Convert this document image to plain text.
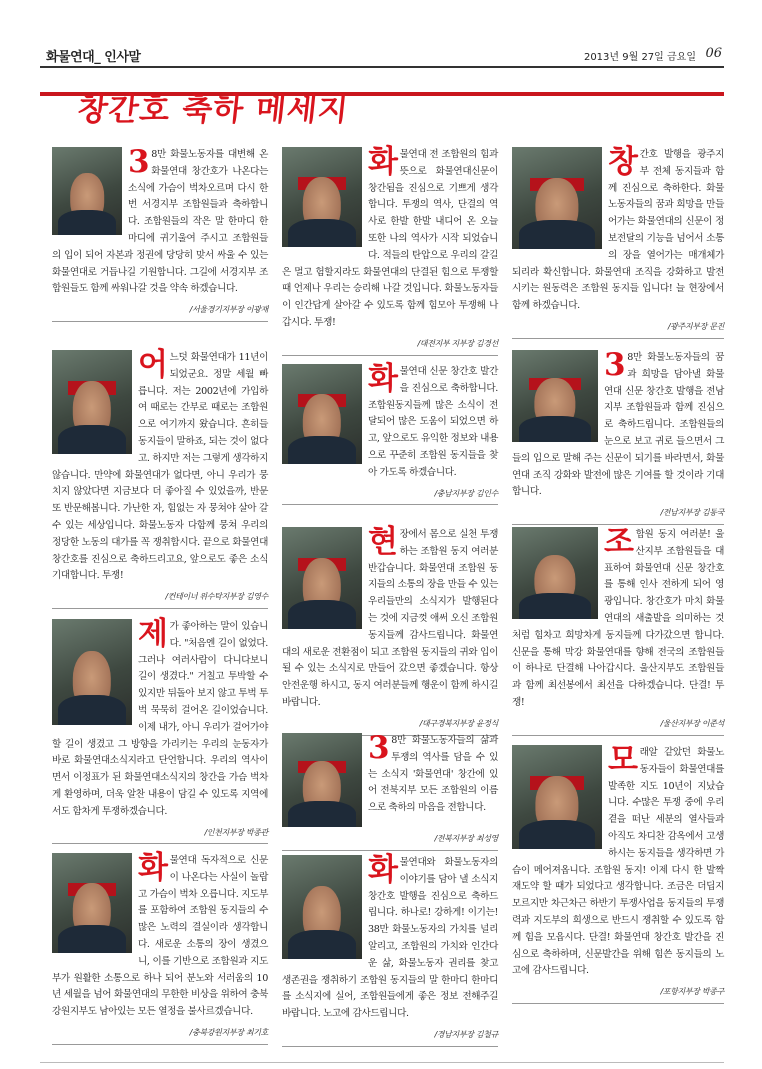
화물연대_ 인사말	2013년 9월 27일 금요일 06
창간호 축하 메세지
3 8만 화물노동자를 대변해 온 화물연대 창간호가 나온다는 소식에 가슴이 벅차오르며 다시 한 번 서경지부 조합원들과 축하합니다. 조합원들의 작은 말 한마디 한마디에 귀기울여 주시고 조합원들의 입이 되어 자본과 정권에 당당히 맞서 싸울 수 있는 화물연대로 거듭나길 기원합니다. 그길에 서경지부 조합원들도 함께 싸워나갈 것을 약속 하겠습니다.
/서울경기지부장 이광재
어 느덧 화물연대가 11년이 되었군요. 정말 세월 빠릅니다. 저는 2002년에 가입하여 때로는 간부로 때로는 조합원으로 여기까지 왔습니다. 흔히들 동지들이 말하죠, 되는 것이 없다고. 하지만 저는 그렇게 생각하지 않습니다. 만약에 화물연대가 없다면, 아니 우리가 뭉치지 않았다면 지금보다 더 좋아질 수 있었을까, 반문 또 반문해봅니다. 가난한 자, 힘없는 자 뭉쳐야 살아 갈 수 있는 세상입니다. 화물노동자 다함께 뭉쳐 우리의 정당한 노동의 대가를 꼭 쟁취합시다. 끝으로 화물연대 창간호를 진심으로 축하드리고요, 앞으로도 좋은 소식 기대합니다. 투쟁!
/컨테이너 위수탁지부장 김영수
제 가 좋아하는 말이 있습니다. "처음엔 길이 없었다. 그러나 여러사람이 다니다보니 길이 생겼다." 거칠고 투박할 수 있지만 뒤돌아 보지 않고 투벅 투벅 묵묵히 걸어온 길이었습니다. 이제 내가, 아니 우리가 걸어가야할 길이 생겼고 그 방향을 가리키는 우리의 눈동자가 바로 화물연대소식지라고 단언합니다. 우리의 역사이면서 이정표가 된 화물연대소식지의 창간을 가슴 벅차게 환영하며, 더욱 알찬 내용이 담길 수 있도록 지역에서도 함차게 투쟁하겠습니다.
/인천지부장 박종관
화 물연대 독자적으로 신문이 나온다는 사실이 놀랍고 가슴이 벅차 오릅니다. 지도부를 포함하여 조합원 동지들의 수많은 노력의 결실이라 생각합니다. 새로운 소통의 장이 생겼으니, 이를 기반으로 조합원과 지도부가 원활한 소통으로 하나 되어 분노와 서러움의 10년 세월을 넘어 화물연대의 무한한 비상을 위하여 충북강원지부도 남아있는 모든 열정을 불사르겠습니다.
/충북강원지부장 최기호
화 물연대 전 조합원의 힘과 뜻으로 화물연대신문이 창간됨을 진심으로 기쁘게 생각합니다. 투쟁의 역사, 단결의 역사로 한발 한발 내디어 온 오늘 또한 나의 역사가 시작 되었습니다. 적들의 탄압으로 우리의 갈길은 멀고 험할지라도 화물연대의 단결된 힘으로 투쟁할 때 언제나 우리는 승리해 나갈 것입니다. 화물노동자들이 인간답게 살아갈 수 있도록 함께 힘모아 투쟁해 나갑시다. 투쟁!
/대전지부 지부장 김경선
화 물연대 신문 창간호 발간을 진심으로 축하합니다. 조합원동지들께 많은 소식이 전달되어 많은 도움이 되었으면 하고, 앞으로도 유익한 정보와 내용으로 꾸준히 조합원 동지들을 찾아 가도록 하겠습니다.
/충남지부장 김인수
현 장에서 몸으로 실천 투쟁하는 조합원 동지 여러분 반갑습니다. 화물연대 조합원 동지들의 소통의 장을 만들 수 있는 우리들만의 소식지가 발행된다는 것에 지금껏 애써 오신 조합원 동지들께 감사드립니다. 화물연대의 새로운 전환점이 되고 조합원 동지들의 귀와 입이 될 수 있는 소식지로 만들어 갔으면 좋겠습니다. 항상 안전운행 하시고, 동지 여러분들께 행운이 함께 하시길 바랍니다.
/대구경북지부장 윤정식
3 8만 화물노동자들의 삶과 투쟁의 역사를 담을 수 있는 소식지 '화물연대' 창간에 있어 전북지부 모든 조합원의 이름으로 축하의 마음을 전합니다.
/전북지부장 최성영
화 물연대와 화물노동자의 이야기를 담아 낼 소식지 창간호 발행을 진심으로 축하드립니다. 하나로! 강하게! 이기는! 38만 화물노동자의 가치를 널리 알리고, 조합원의 가치와 인간다운 삶, 화물노동자 권리를 찾고 생존권을 쟁취하기 조합원 동지들의 말 한마디 한마디를 소식지에 실어, 조합원들에게 좋은 정보 전해주길 바랍니다. 노고에 감사드립니다.
/경남지부장 김철규
창 간호 발행을 광주지부 전체 동지들과 함께 진심으로 축하한다. 화물노동자들의 꿈과 희망을 만들어가는 화물연대의 신문이 정보전달의 기능을 넘어서 소통의 장을 열어가는 매개체가 되리라 확신합니다. 화물연대 조직을 강화하고 발전시키는 원동력은 조합원 동지들 입니다! 늘 현장에서 함께 하겠습니다.
/광주지부장 문진
3 8만 화물노동자들의 꿈과 희망을 담아낼 화물연대 신문 창간호 발행을 전남지부 조합원들과 함께 진심으로 축하드립니다. 조합원들의 눈으로 보고 귀로 들으면서 그들의 입으로 말해 주는 신문이 되기를 바라면서, 화물연대 조직 강화와 발전에 많은 기여를 할 것이라 기대합니다.
/전남지부장 김동국
조 합원 동지 여러분! 울산지부 조합원들을 대표하여 화물연대 신문 창간호를 통해 인사 전하게 되어 영광입니다. 창간호가 마치 화물연대의 새출발을 의미하는 것처럼 힘차고 희망차게 동지들께 다가갔으면 합니다. 신문을 통해 막강 화물연대를 향해 전국의 조합원들이 하나로 단결해 나아갑시다. 울산지부도 조합원들과 함께 최선봉에서 최선을 다하겠습니다. 단결! 투쟁!
/울산지부장 이준석
모 래알 같았던 화물노동자들이 화물연대를 발족한 지도 10년이 지났습니다. 수많은 투쟁 중에 우리 곁을 떠난 세분의 열사들과 아직도 차디찬 감옥에서 고생하시는 동지들을 생각하면 가슴이 메어져옵니다. 조합원 동지! 이제 다시 한 발짝 재도약 할 때가 되었다고 생각합니다. 조금은 더딥지 모르지만 차근차근 하반기 투쟁사업을 동지들의 투쟁력과 지도부의 희생으로 반드시 쟁취할 수 있도록 함께 힘을 모읍시다. 단결! 화물연대 창간호 발간을 진심으로 축하하며, 신문발간을 위해 힘쓴 동지들의 노고에 감사드립니다.
/포항지부장 박종구
